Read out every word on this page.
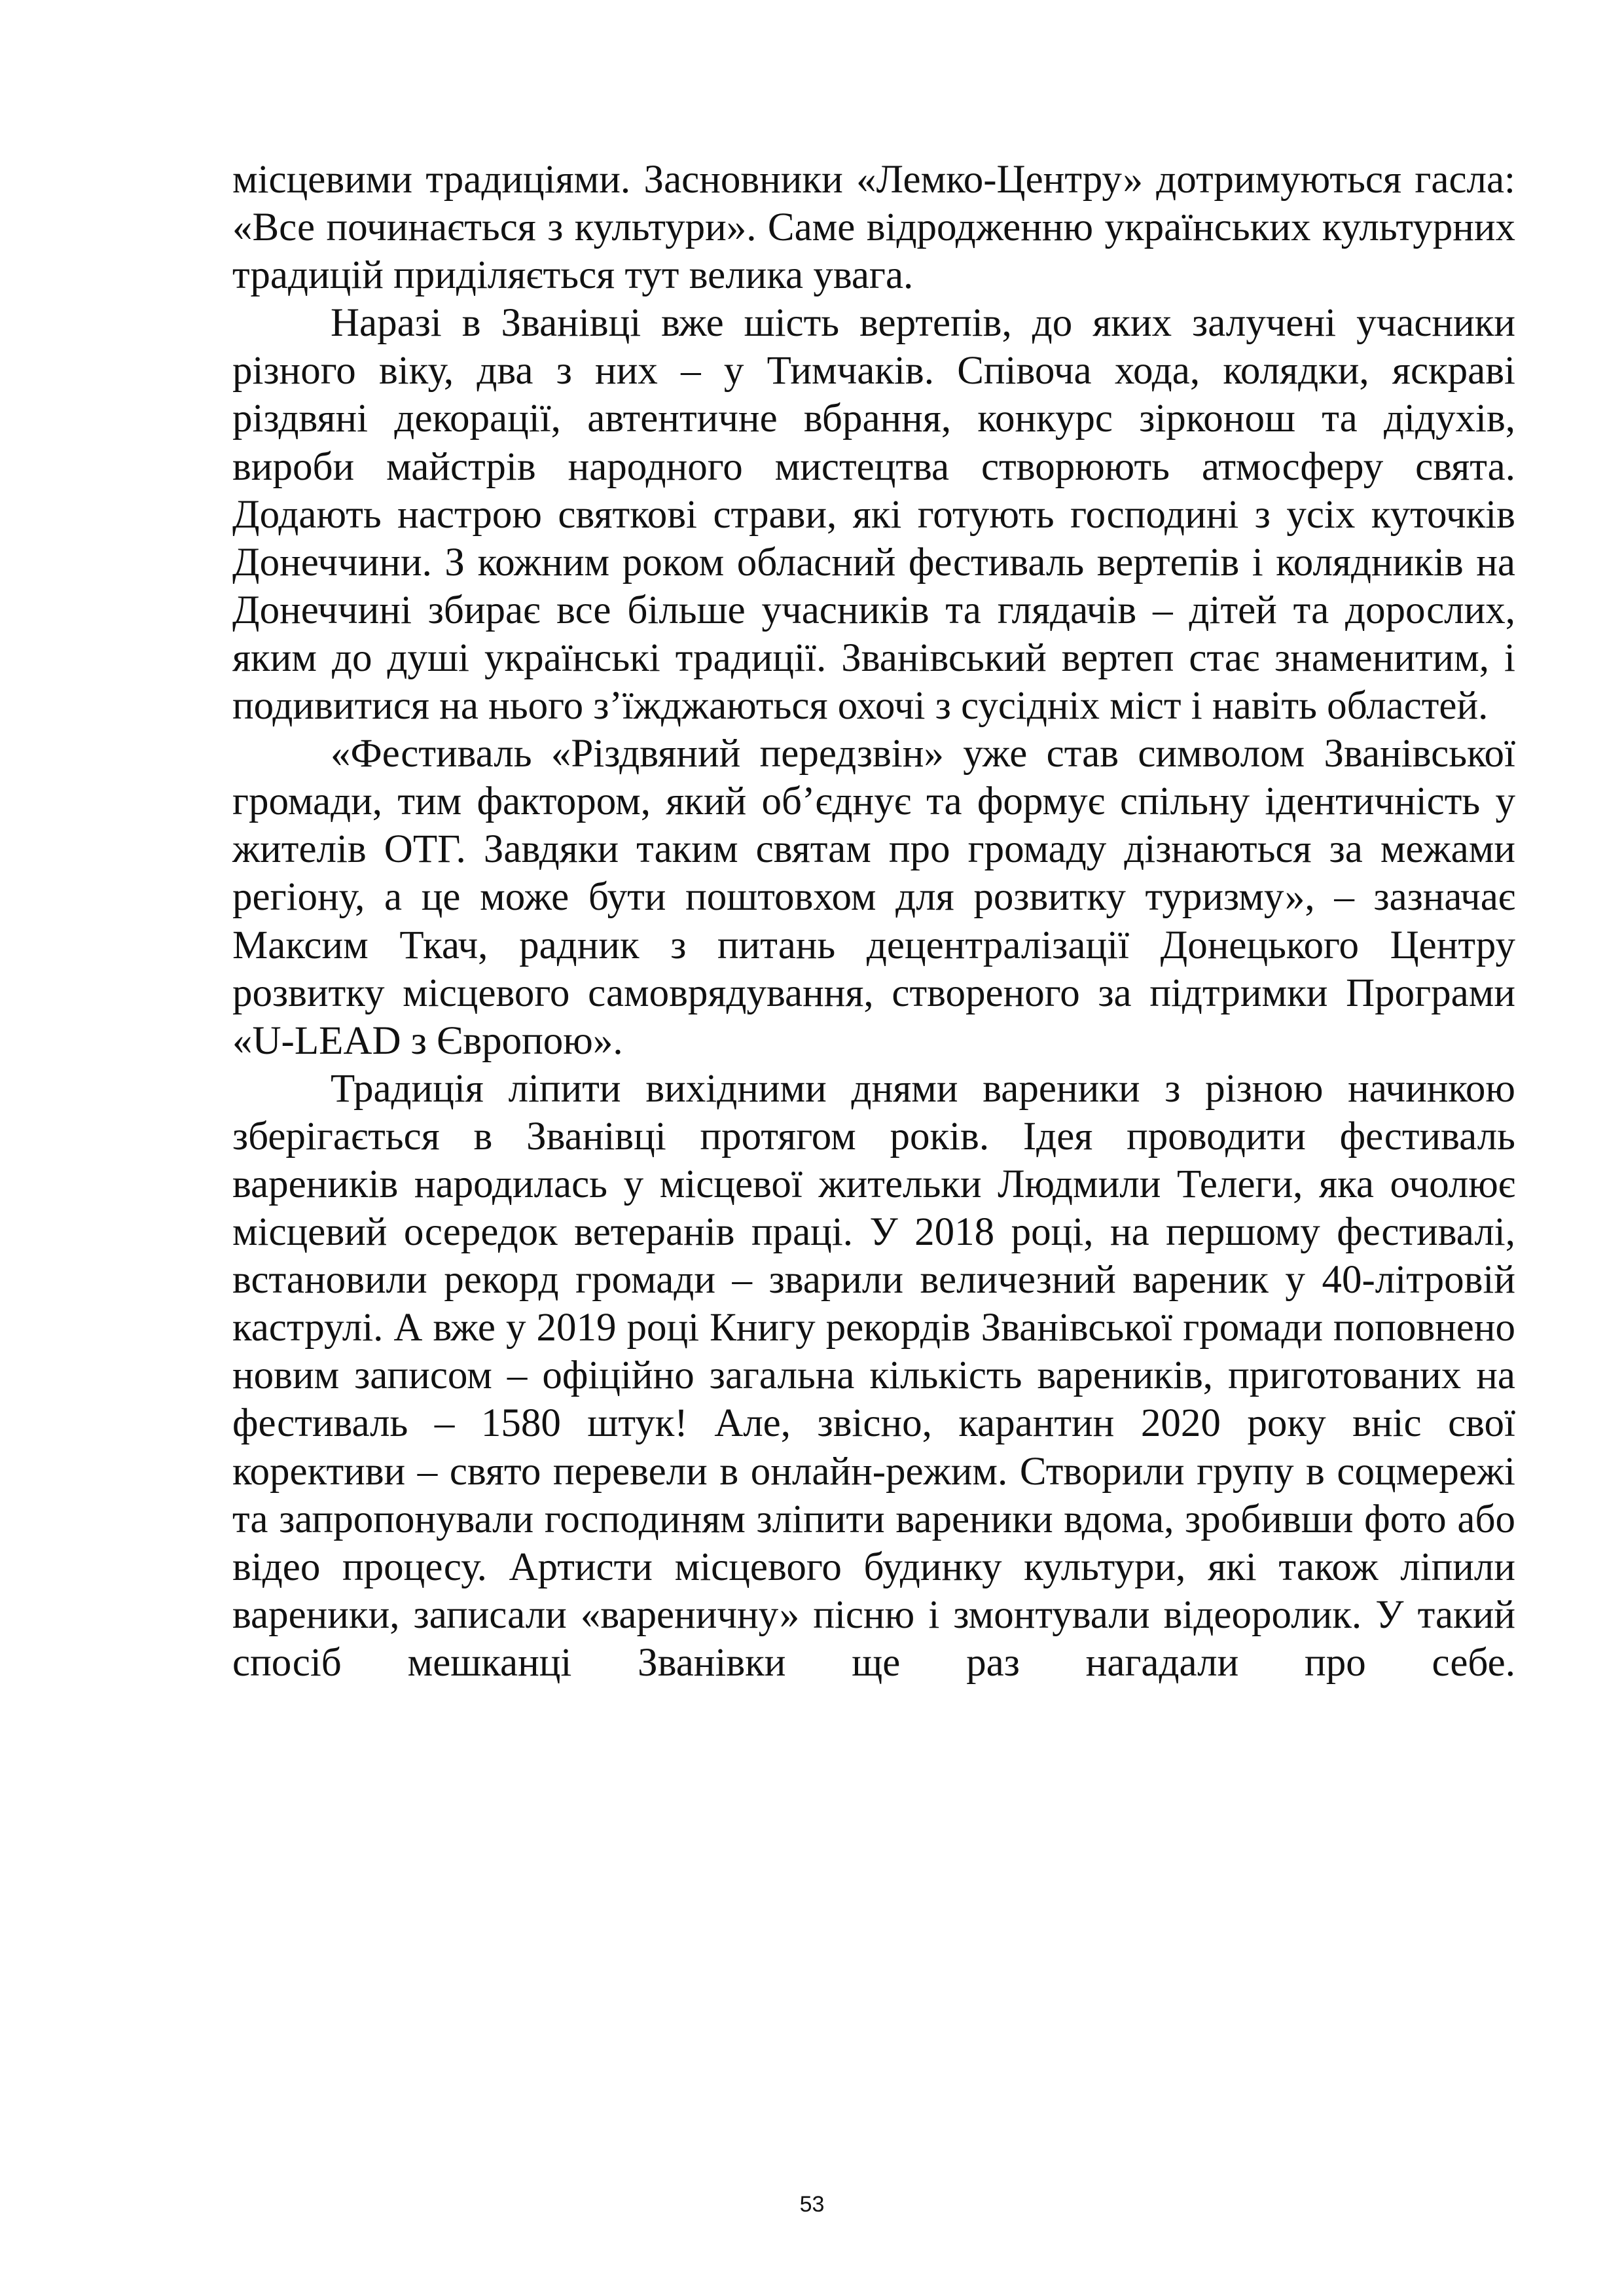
місцевими традиціями. Засновники «Лемко-Центру» дотримуються гасла: «Все починається з культури». Саме відродженню українських культурних традицій приділяється тут велика увага.

Наразі в Званівці вже шість вертепів, до яких залучені учасники різного віку, два з них – у Тимчаків. Співоча хода, колядки, яскраві різдвяні декорації, автентичне вбрання, конкурс зірконош та дідухів, вироби майстрів народного мистецтва створюють атмосферу свята. Додають настрою святкові страви, які готують господині з усіх куточків Донеччини. З кожним роком обласний фестиваль вертепів і колядників на Донеччині збирає все більше учасників та глядачів – дітей та дорослих, яким до душі українські традиції. Званівський вертеп стає знаменитим, і подивитися на нього з’їжджаються охочі з сусідніх міст і навіть областей.

«Фестиваль «Різдвяний передзвін» уже став символом Званівської громади, тим фактором, який об’єднує та формує спільну ідентичність у жителів ОТГ. Завдяки таким святам про громаду дізнаються за межами регіону, а це може бути поштовхом для розвитку туризму», – зазначає Максим Ткач, радник з питань децентралізації Донецького Центру розвитку місцевого самоврядування, створеного за підтримки Програми «U-LEAD з Європою».

Традиція ліпити вихідними днями вареники з різною начинкою зберігається в Званівці протягом років. Ідея проводити фестиваль вареників народилась у місцевої жительки Людмили Телеги, яка очолює місцевий осередок ветеранів праці. У 2018 році, на першому фестивалі, встановили рекорд громади – зварили величезний вареник у 40-літровій каструлі. А вже у 2019 році Книгу рекордів Званівської громади поповнено новим записом – офіційно загальна кількість вареників, приготованих на фестиваль – 1580 штук! Але, звісно, карантин 2020 року вніс свої корективи – свято перевели в онлайн-режим. Створили групу в соцмережі та запропонували господиням зліпити вареники вдома, зробивши фото або відео процесу. Артисти місцевого будинку культури, які також ліпили вареники, записали «вареничну» пісню і змонтували відеоролик. У такий спосіб мешканці Званівки ще раз нагадали про себе.

53
